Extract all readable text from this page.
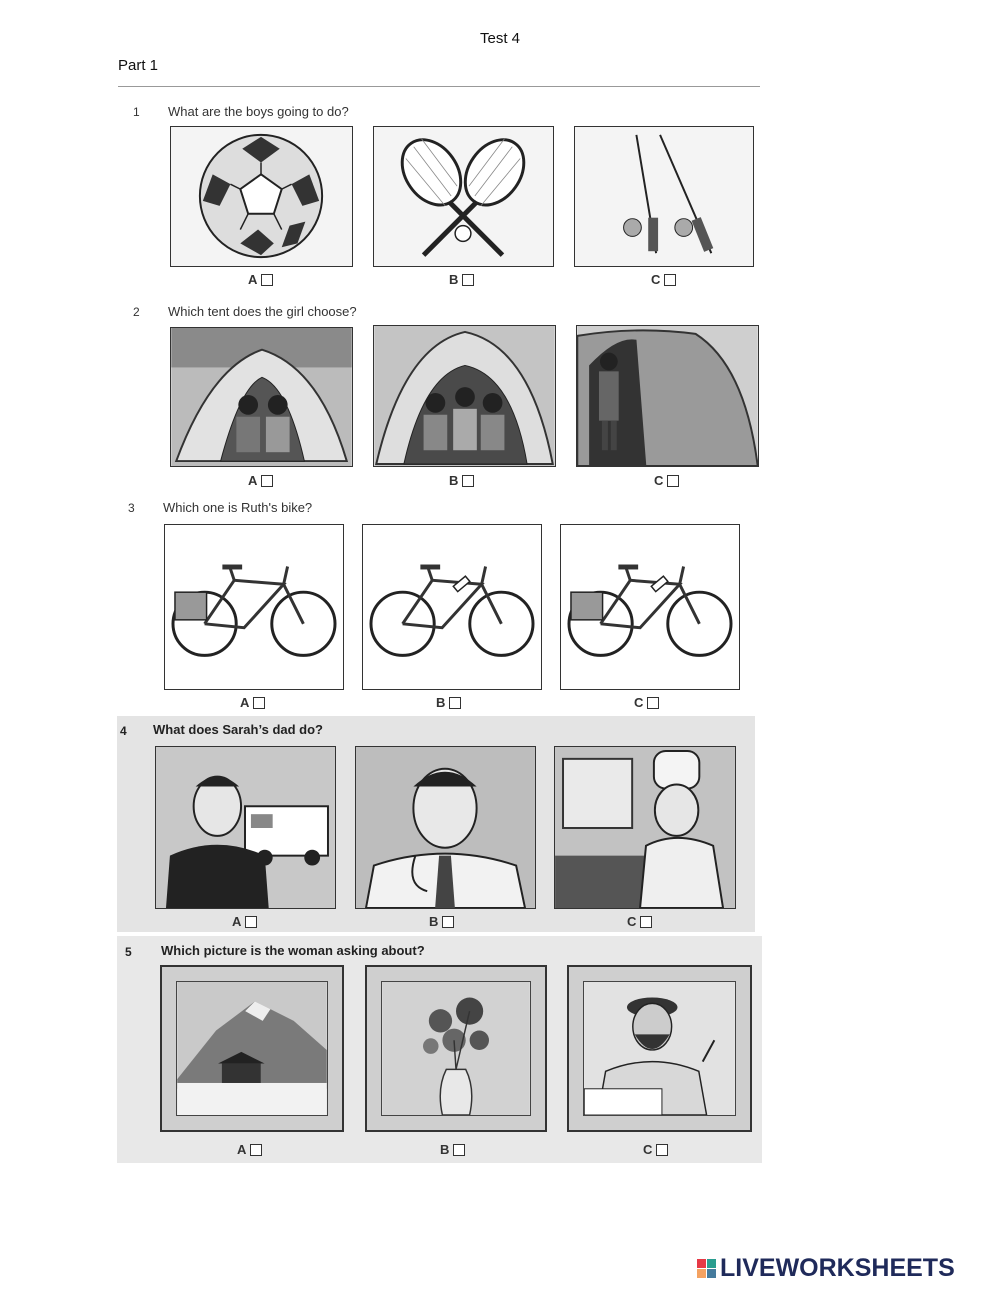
Test 4
Part 1
1 What are the boys going to do?
A	B	C
2 Which tent does the girl choose?
A	B	C
3 Which one is Ruth's bike?
A	B	C
4 What does Sarah’s dad do?
A	B	C
5 Which picture is the woman asking about?
A	B	C
LIVEWORKSHEETS
